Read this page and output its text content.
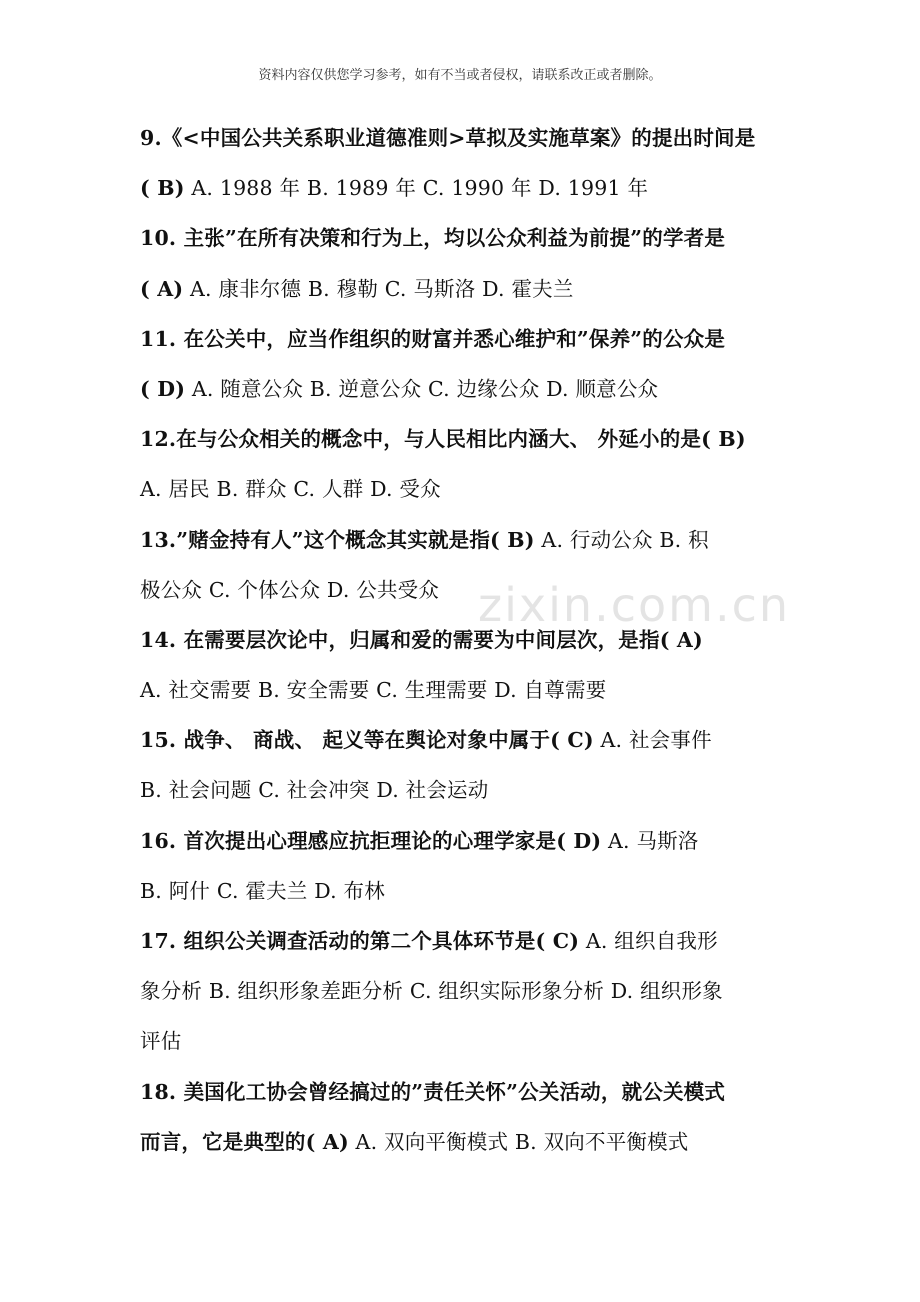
资料内容仅供您学习参考，如有不当或者侵权，请联系改正或者删除。
zixin.com.cn
9.《<中国公共关系职业道德准则>草拟及实施草案》的提出时间是
( B) A. 1988 年 B. 1989 年 C. 1990 年 D. 1991 年
10. 主张”在所有决策和行为上，均以公众利益为前提”的学者是
( A) A. 康非尔德 B. 穆勒 C. 马斯洛 D. 霍夫兰
11. 在公关中，应当作组织的财富并悉心维护和”保养”的公众是
( D) A. 随意公众 B. 逆意公众 C. 边缘公众 D. 顺意公众
12.在与公众相关的概念中，与人民相比内涵大、 外延小的是( B)
A. 居民 B. 群众 C. 人群 D. 受众
13.”赌金持有人”这个概念其实就是指( B) A. 行动公众 B. 积
极公众 C. 个体公众 D. 公共受众
14. 在需要层次论中，归属和爱的需要为中间层次，是指( A)
A. 社交需要 B. 安全需要 C. 生理需要 D. 自尊需要
15. 战争、 商战、 起义等在舆论对象中属于( C) A. 社会事件
B. 社会问题 C. 社会冲突 D. 社会运动
16. 首次提出心理感应抗拒理论的心理学家是( D) A. 马斯洛
B. 阿什 C. 霍夫兰 D. 布林
17. 组织公关调查活动的第二个具体环节是( C) A. 组织自我形
象分析 B. 组织形象差距分析 C. 组织实际形象分析 D. 组织形象
评估
18. 美国化工协会曾经搞过的”责任关怀”公关活动，就公关模式
而言，它是典型的( A) A. 双向平衡模式 B. 双向不平衡模式
